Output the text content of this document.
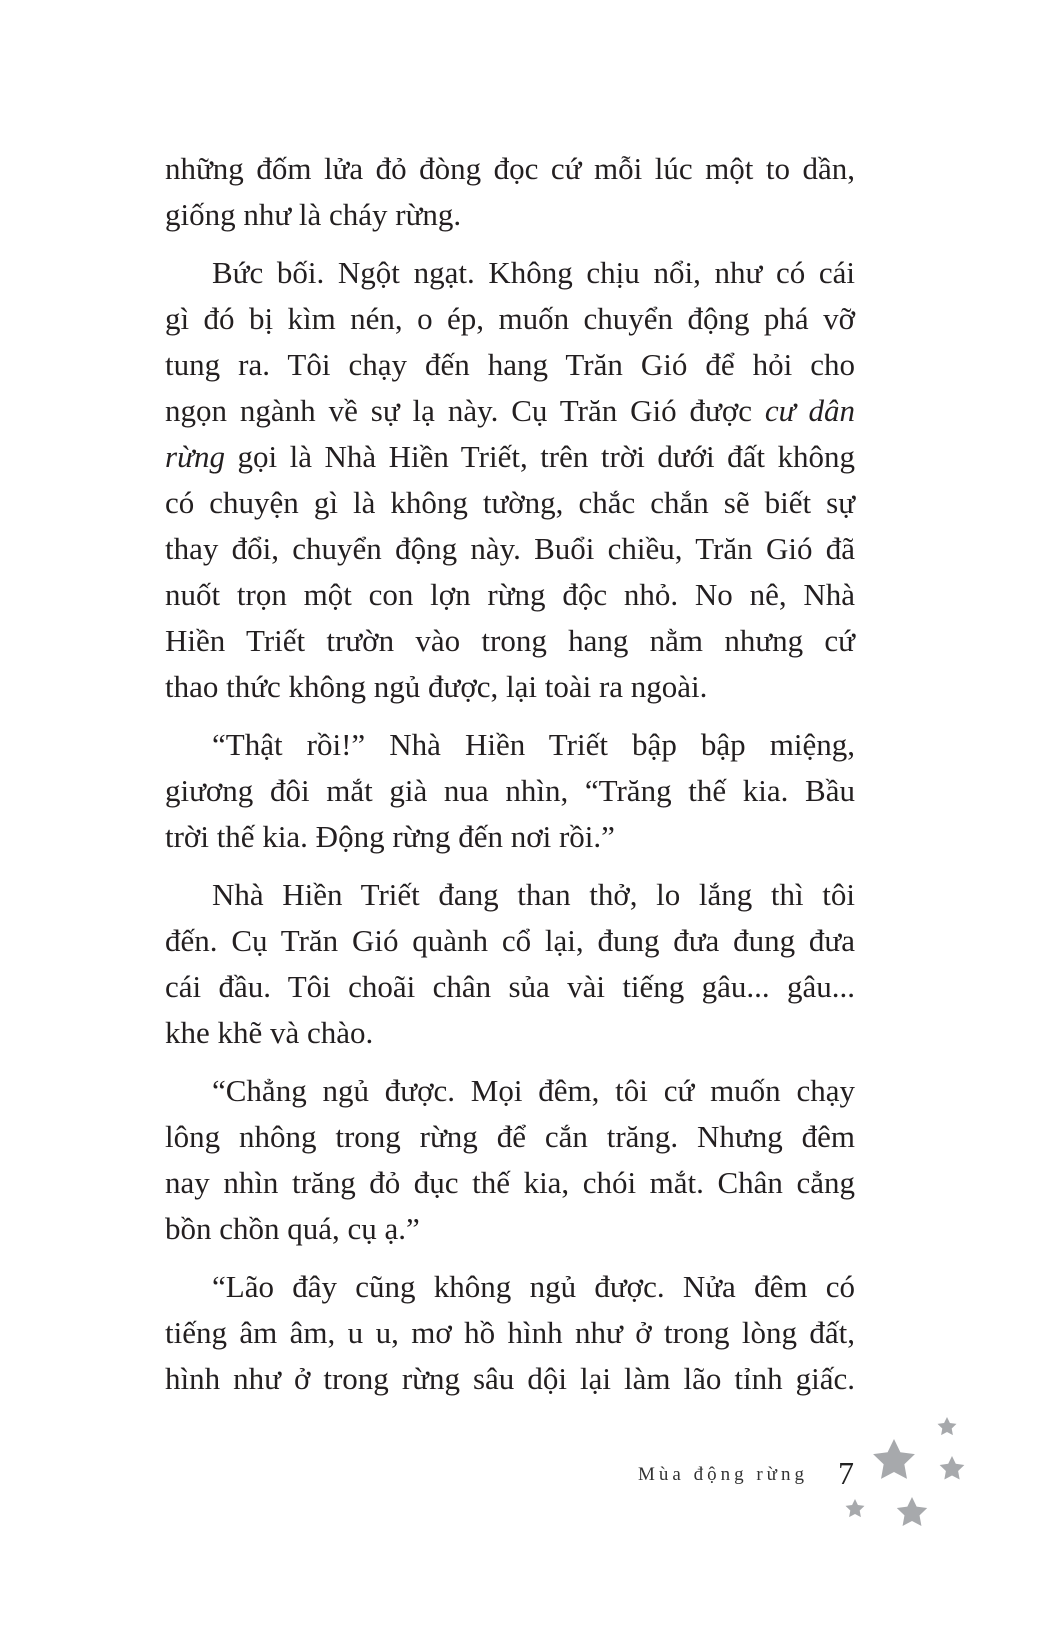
những đốm lửa đỏ đòng đọc cứ mỗi lúc một to dần,
giống như là cháy rừng.
Bức bối. Ngột ngạt. Không chịu nổi, như có cái
gì đó bị kìm nén, o ép, muốn chuyển động phá vỡ
tung ra. Tôi chạy đến hang Trăn Gió để hỏi cho
ngọn ngành về sự lạ này. Cụ Trăn Gió được cư dân
rừng gọi là Nhà Hiền Triết, trên trời dưới đất không
có chuyện gì là không tường, chắc chắn sẽ biết sự
thay đổi, chuyển động này. Buổi chiều, Trăn Gió đã
nuốt trọn một con lợn rừng độc nhỏ. No nê, Nhà
Hiền Triết trườn vào trong hang nằm nhưng cứ
thao thức không ngủ được, lại toài ra ngoài.
“Thật rồi!” Nhà Hiền Triết bập bập miệng,
giương đôi mắt già nua nhìn, “Trăng thế kia. Bầu
trời thế kia. Động rừng đến nơi rồi.”
Nhà Hiền Triết đang than thở, lo lắng thì tôi
đến. Cụ Trăn Gió quành cổ lại, đung đưa đung đưa
cái đầu. Tôi choãi chân sủa vài tiếng gâu... gâu...
khe khẽ và chào.
“Chẳng ngủ được. Mọi đêm, tôi cứ muốn chạy
lông nhông trong rừng để cắn trăng. Nhưng đêm
nay nhìn trăng đỏ đục thế kia, chói mắt. Chân cẳng
bồn chồn quá, cụ ạ.”
“Lão đây cũng không ngủ được. Nửa đêm có
tiếng âm âm, u u, mơ hồ hình như ở trong lòng đất,
hình như ở trong rừng sâu dội lại làm lão tỉnh giấc.
Mùa động rừng 7
